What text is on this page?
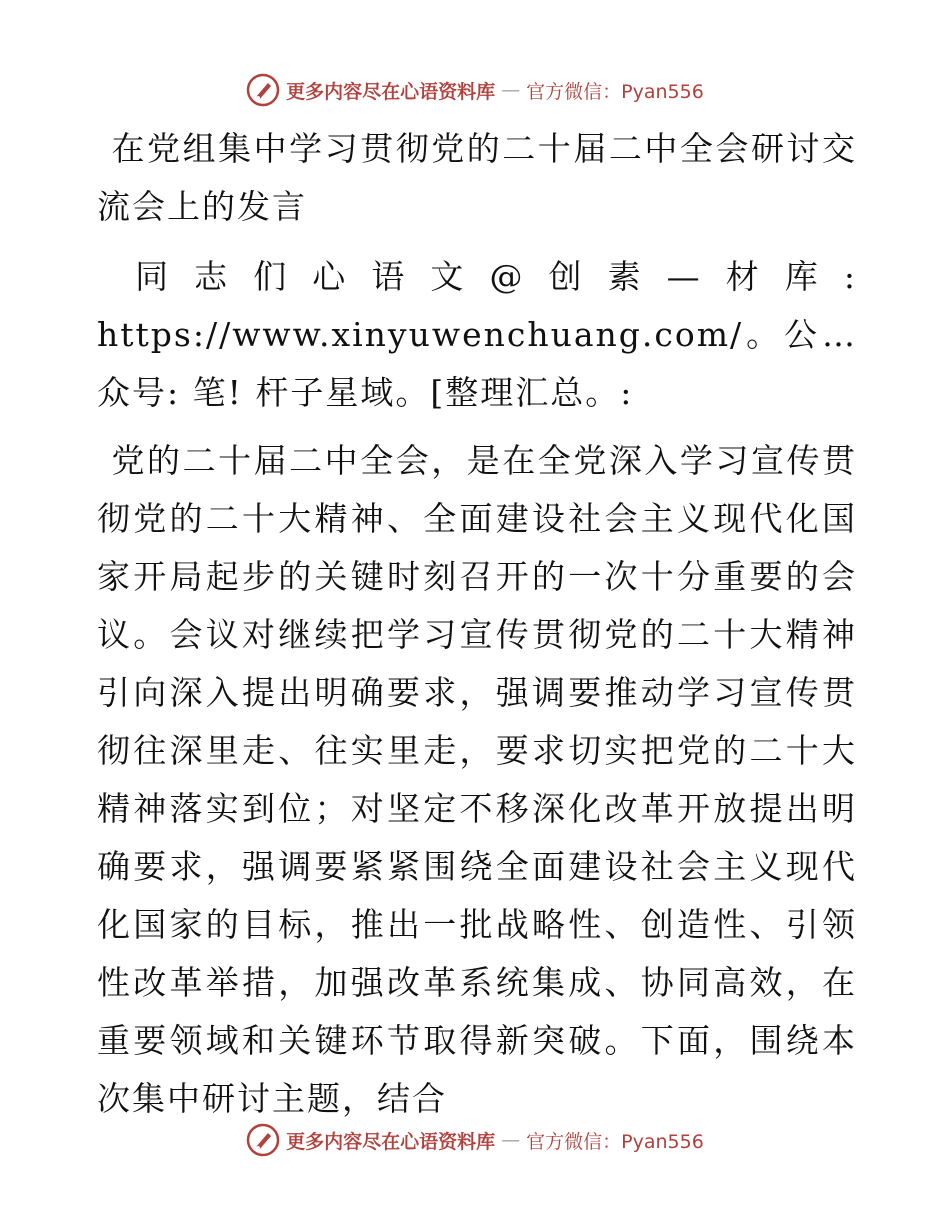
更多内容尽在心语资料库 — 官方微信：Pyan556

在党组集中学习贯彻党的二十届二中全会研讨交流会上的发言

同志们心语文@创素—材库: https://www.xinyuwenchuang.com/。公…众号: 笔! 杆子星域。[整理汇总。:

党的二十届二中全会，是在全党深入学习宣传贯彻党的二十大精神、全面建设社会主义现代化国家开局起步的关键时刻召开的一次十分重要的会议。会议对继续把学习宣传贯彻党的二十大精神引向深入提出明确要求，强调要推动学习宣传贯彻往深里走、往实里走，要求切实把党的二十大精神落实到位；对坚定不移深化改革开放提出明确要求，强调要紧紧围绕全面建设社会主义现代化国家的目标，推出一批战略性、创造性、引领性改革举措，加强改革系统集成、协同高效，在重要领域和关键环节取得新突破。下面，围绕本次集中研讨主题，结合

更多内容尽在心语资料库 — 官方微信：Pyan556
